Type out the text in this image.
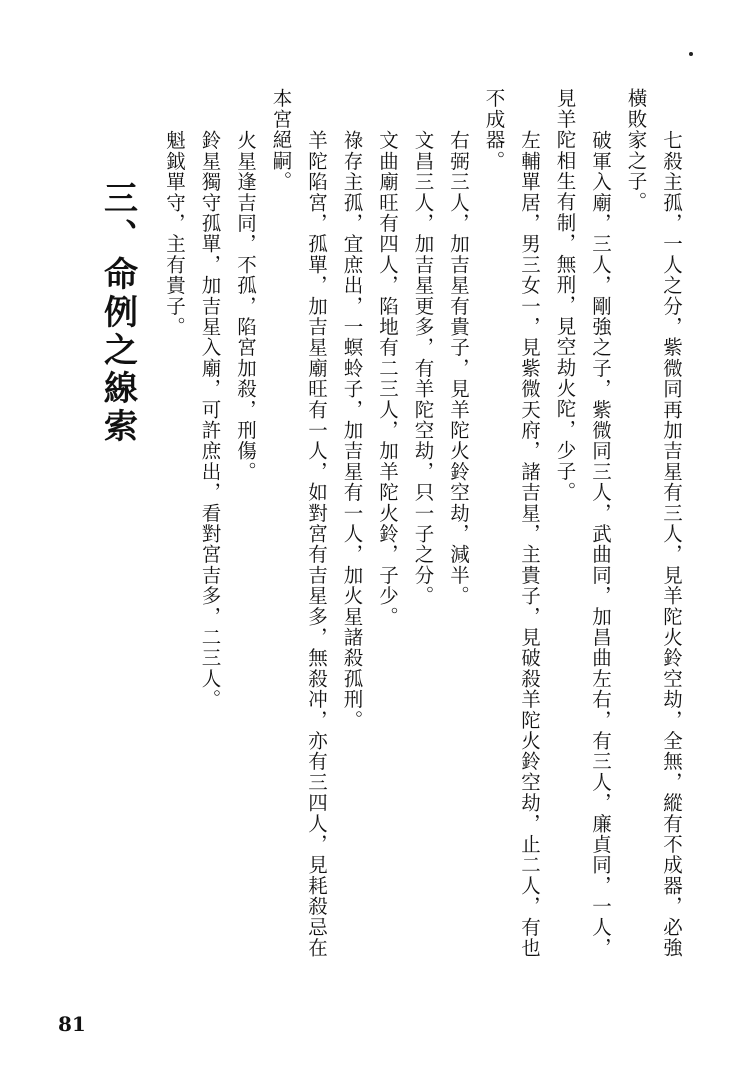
七殺主孤，一人之分，紫微同再加吉星有三人，見羊陀火鈴空劫，全無，縱有不成器，必強
橫敗家之子。
破軍入廟，三人，剛強之子，紫微同三人，武曲同，加昌曲左右，有三人，廉貞同，一人，
見羊陀相生有制，無刑，見空劫火陀，少子。
左輔單居，男三女一，見紫微天府，諸吉星，主貴子，見破殺羊陀火鈴空劫，止二人，有也
不成器。
右弼三人，加吉星有貴子，見羊陀火鈴空劫，減半。
文昌三人，加吉星更多，有羊陀空劫，只一子之分。
文曲廟旺有四人，陷地有二三人，加羊陀火鈴，子少。
祿存主孤，宜庶出，一螟蛉子，加吉星有一人，加火星諸殺孤刑。
羊陀陷宮，孤單，加吉星廟旺有一人，如對宮有吉星多，無殺冲，亦有三四人，見耗殺忌在
本宮絕嗣。
火星逢吉同，不孤，陷宮加殺，刑傷。
鈴星獨守孤單，加吉星入廟，可許庶出，看對宮吉多，二三人。
魁鉞單守，主有貴子。
三、命例之線索
81
